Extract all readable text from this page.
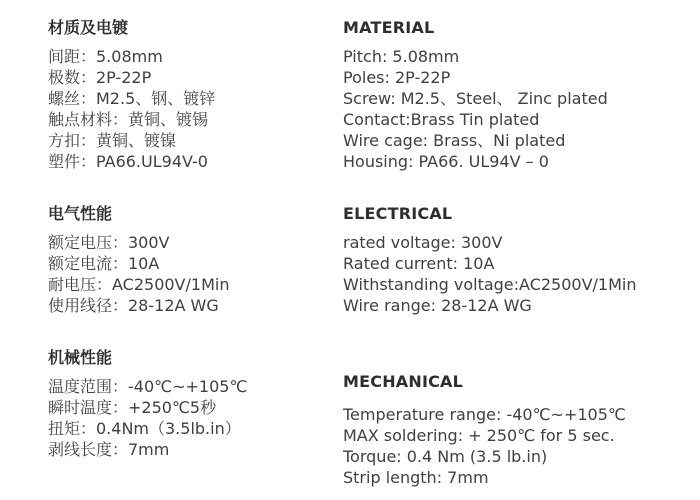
材质及电镀
间距：5.08mm
极数：2P-22P
螺丝：M2.5、钢、镀锌
触点材料：黄铜、镀锡
方扣：黄铜、镀镍
塑件：PA66.UL94V-0
电气性能
额定电压：300V
额定电流：10A
耐电压：AC2500V/1Min
使用线径：28-12A WG
机械性能
温度范围：-40℃~+105℃
瞬时温度：+250℃5秒
扭矩：0.4Nm（3.5lb.in）
剥线长度：7mm
MATERIAL
Pitch: 5.08mm
Poles: 2P-22P
Screw: M2.5、Steel、 Zinc plated
Contact:Brass Tin plated
Wire cage: Brass、Ni plated
Housing: PA66. UL94V – 0
ELECTRICAL
rated voltage: 300V
Rated current: 10A
Withstanding voltage:AC2500V/1Min
Wire range: 28-12A WG
MECHANICAL
Temperature range: -40℃~+105℃
MAX soldering: + 250℃ for 5 sec.
Torque: 0.4 Nm (3.5 lb.in)
Strip length: 7mm
